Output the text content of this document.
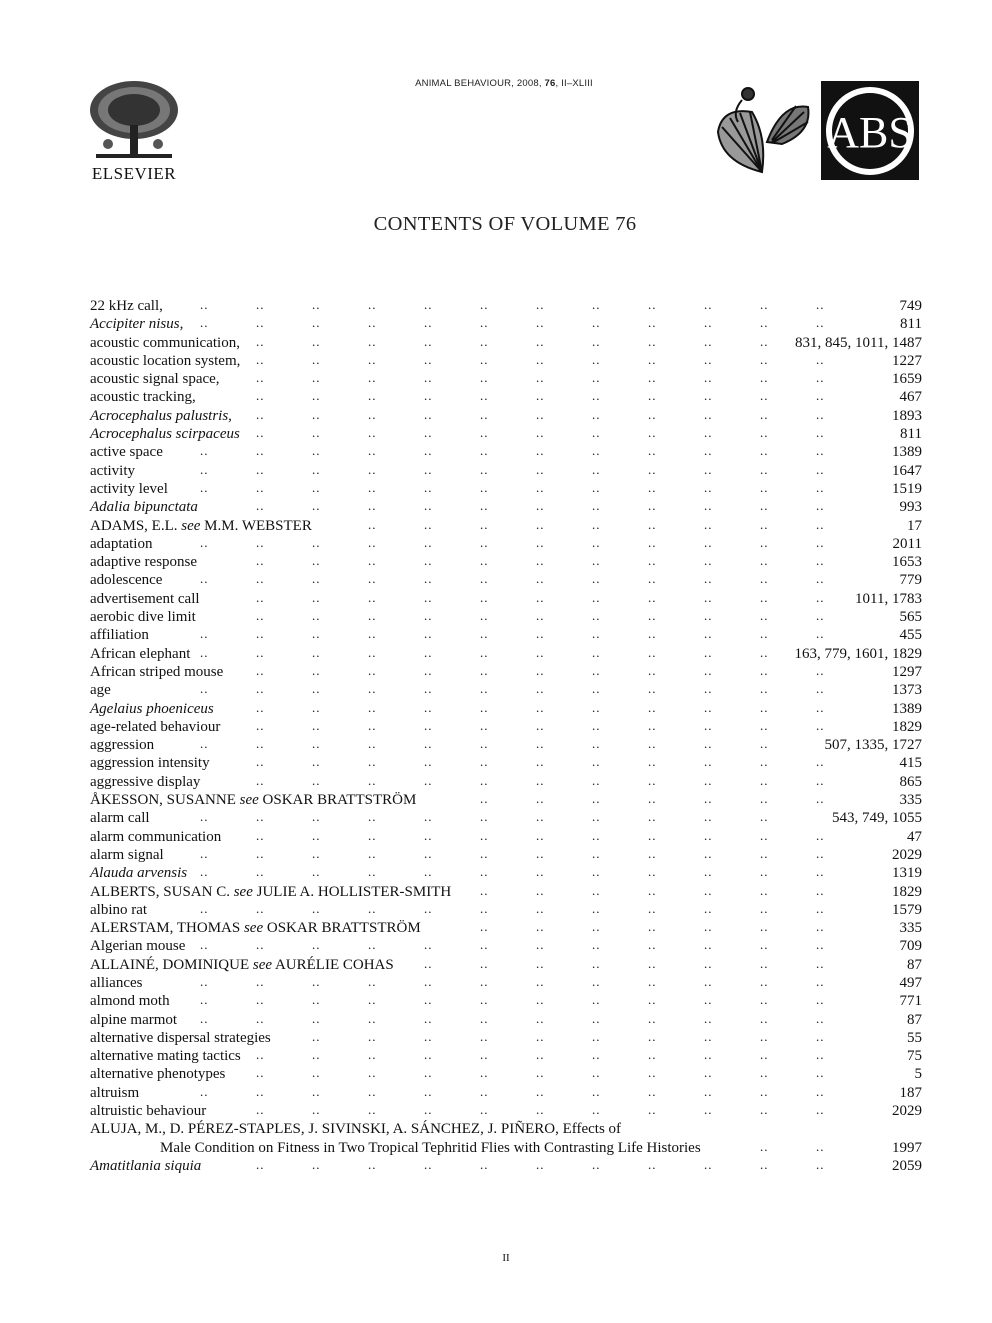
ANIMAL BEHAVIOUR, 2008, 76, II–XLIII
ELSEVIER
ABS
CONTENTS OF VOLUME 76
22 kHz call,	..	..	..	..	..	..	..	..	..	..	..	..	749
Accipiter nisus, ..	..	..	..	..	..	..	..	..	..	..	..	811
acoustic communication, ..	..	..	..	..	..	..	..	..	.. 831, 845, 1011, 1487
acoustic location system, ..	..	..	..	..	..	..	..	..	..	..	1227
acoustic signal space,	..	..	..	..	..	..	..	..	..	..	..	1659
acoustic tracking,	..	..	..	..	..	..	..	..	..	..	..	467
Acrocephalus palustris, ..	..	..	..	..	..	..	..	..	..	..	1893
Acrocephalus scirpaceus ..	..	..	..	..	..	..	..	..	..	..	811
active space	..	..	..	..	..	..	..	..	..	..	..	..	1389
activity	..	..	..	..	..	..	..	..	..	..	..	..	1647
activity level ..	..	..	..	..	..	..	..	..	..	..	..	1519
Adalia bipunctata	..	..	..	..	..	..	..	..	..	..	..	993
ADAMS, E.L. see M.M. WEBSTER	..	..	..	..	..	..	..	..	..	17
adaptation	..	..	..	..	..	..	..	..	..	..	..	..	2011
adaptive response	..	..	..	..	..	..	..	..	..	..	..	1653
adolescence	..	..	..	..	..	..	..	..	..	..	..	..	779
advertisement call	..	..	..	..	..	..	..	..	..	..	.. 1011, 1783
aerobic dive limit	..	..	..	..	..	..	..	..	..	..	..	565
affiliation	..	..	..	..	..	..	..	..	..	..	..	..	455
African elephant ..	..	..	..	..	..	..	..	..	..	.. 163, 779, 1601, 1829
African striped mouse	..	..	..	..	..	..	..	..	..	..	..	1297
age	..	..	..	..	..	..	..	..	..	..	..	..	1373
Agelaius phoeniceus	..	..	..	..	..	..	..	..	..	..	..	1389
age-related behaviour	..	..	..	..	..	..	..	..	..	..	..	1829
aggression	..	..	..	..	..	..	..	..	..	..	..	507, 1335, 1727
aggression intensity	..	..	..	..	..	..	..	..	..	..	..	415
aggressive display	..	..	..	..	..	..	..	..	..	..	..	865
ÅKESSON, SUSANNE see OSKAR BRATTSTRÖM	..	..	..	..	..	..	..	335
alarm call	..	..	..	..	..	..	..	..	..	..	..	543, 749, 1055
alarm communication	..	..	..	..	..	..	..	..	..	..	..	47
alarm signal	..	..	..	..	..	..	..	..	..	..	..	..	2029
Alauda arvensis ..	..	..	..	..	..	..	..	..	..	..	..	1319
ALBERTS, SUSAN C. see JULIE A. HOLLISTER-SMITH ..	..	..	..	..	..	..	1829
albino rat	..	..	..	..	..	..	..	..	..	..	..	..	1579
ALERSTAM, THOMAS see OSKAR BRATTSTRÖM	..	..	..	..	..	..	..	335
Algerian mouse ..	..	..	..	..	..	..	..	..	..	..	..	709
ALLAINÉ, DOMINIQUE see AURÉLIE COHAS ..	..	..	..	..	..	..	..	87
alliances	..	..	..	..	..	..	..	..	..	..	..	..	497
almond moth ..	..	..	..	..	..	..	..	..	..	..	..	771
alpine marmot ..	..	..	..	..	..	..	..	..	..	..	..	87
alternative dispersal strategies	..	..	..	..	..	..	..	..	..	..	55
alternative mating tactics ..	..	..	..	..	..	..	..	..	..	..	75
alternative phenotypes ..	..	..	..	..	..	..	..	..	..	..	5
altruism	..	..	..	..	..	..	..	..	..	..	..	..	187
altruistic behaviour	..	..	..	..	..	..	..	..	..	..	..	2029
ALUJA, M., D. PÉREZ-STAPLES, J. SIVINSKI, A. SÁNCHEZ, J. PIÑERO, Effects of
Male Condition on Fitness in Two Tropical Tephritid Flies with Contrasting Life Histories	..	..	1997
Amatitlania siquia	..	..	..	..	..	..	..	..	..	..	..	2059
II
